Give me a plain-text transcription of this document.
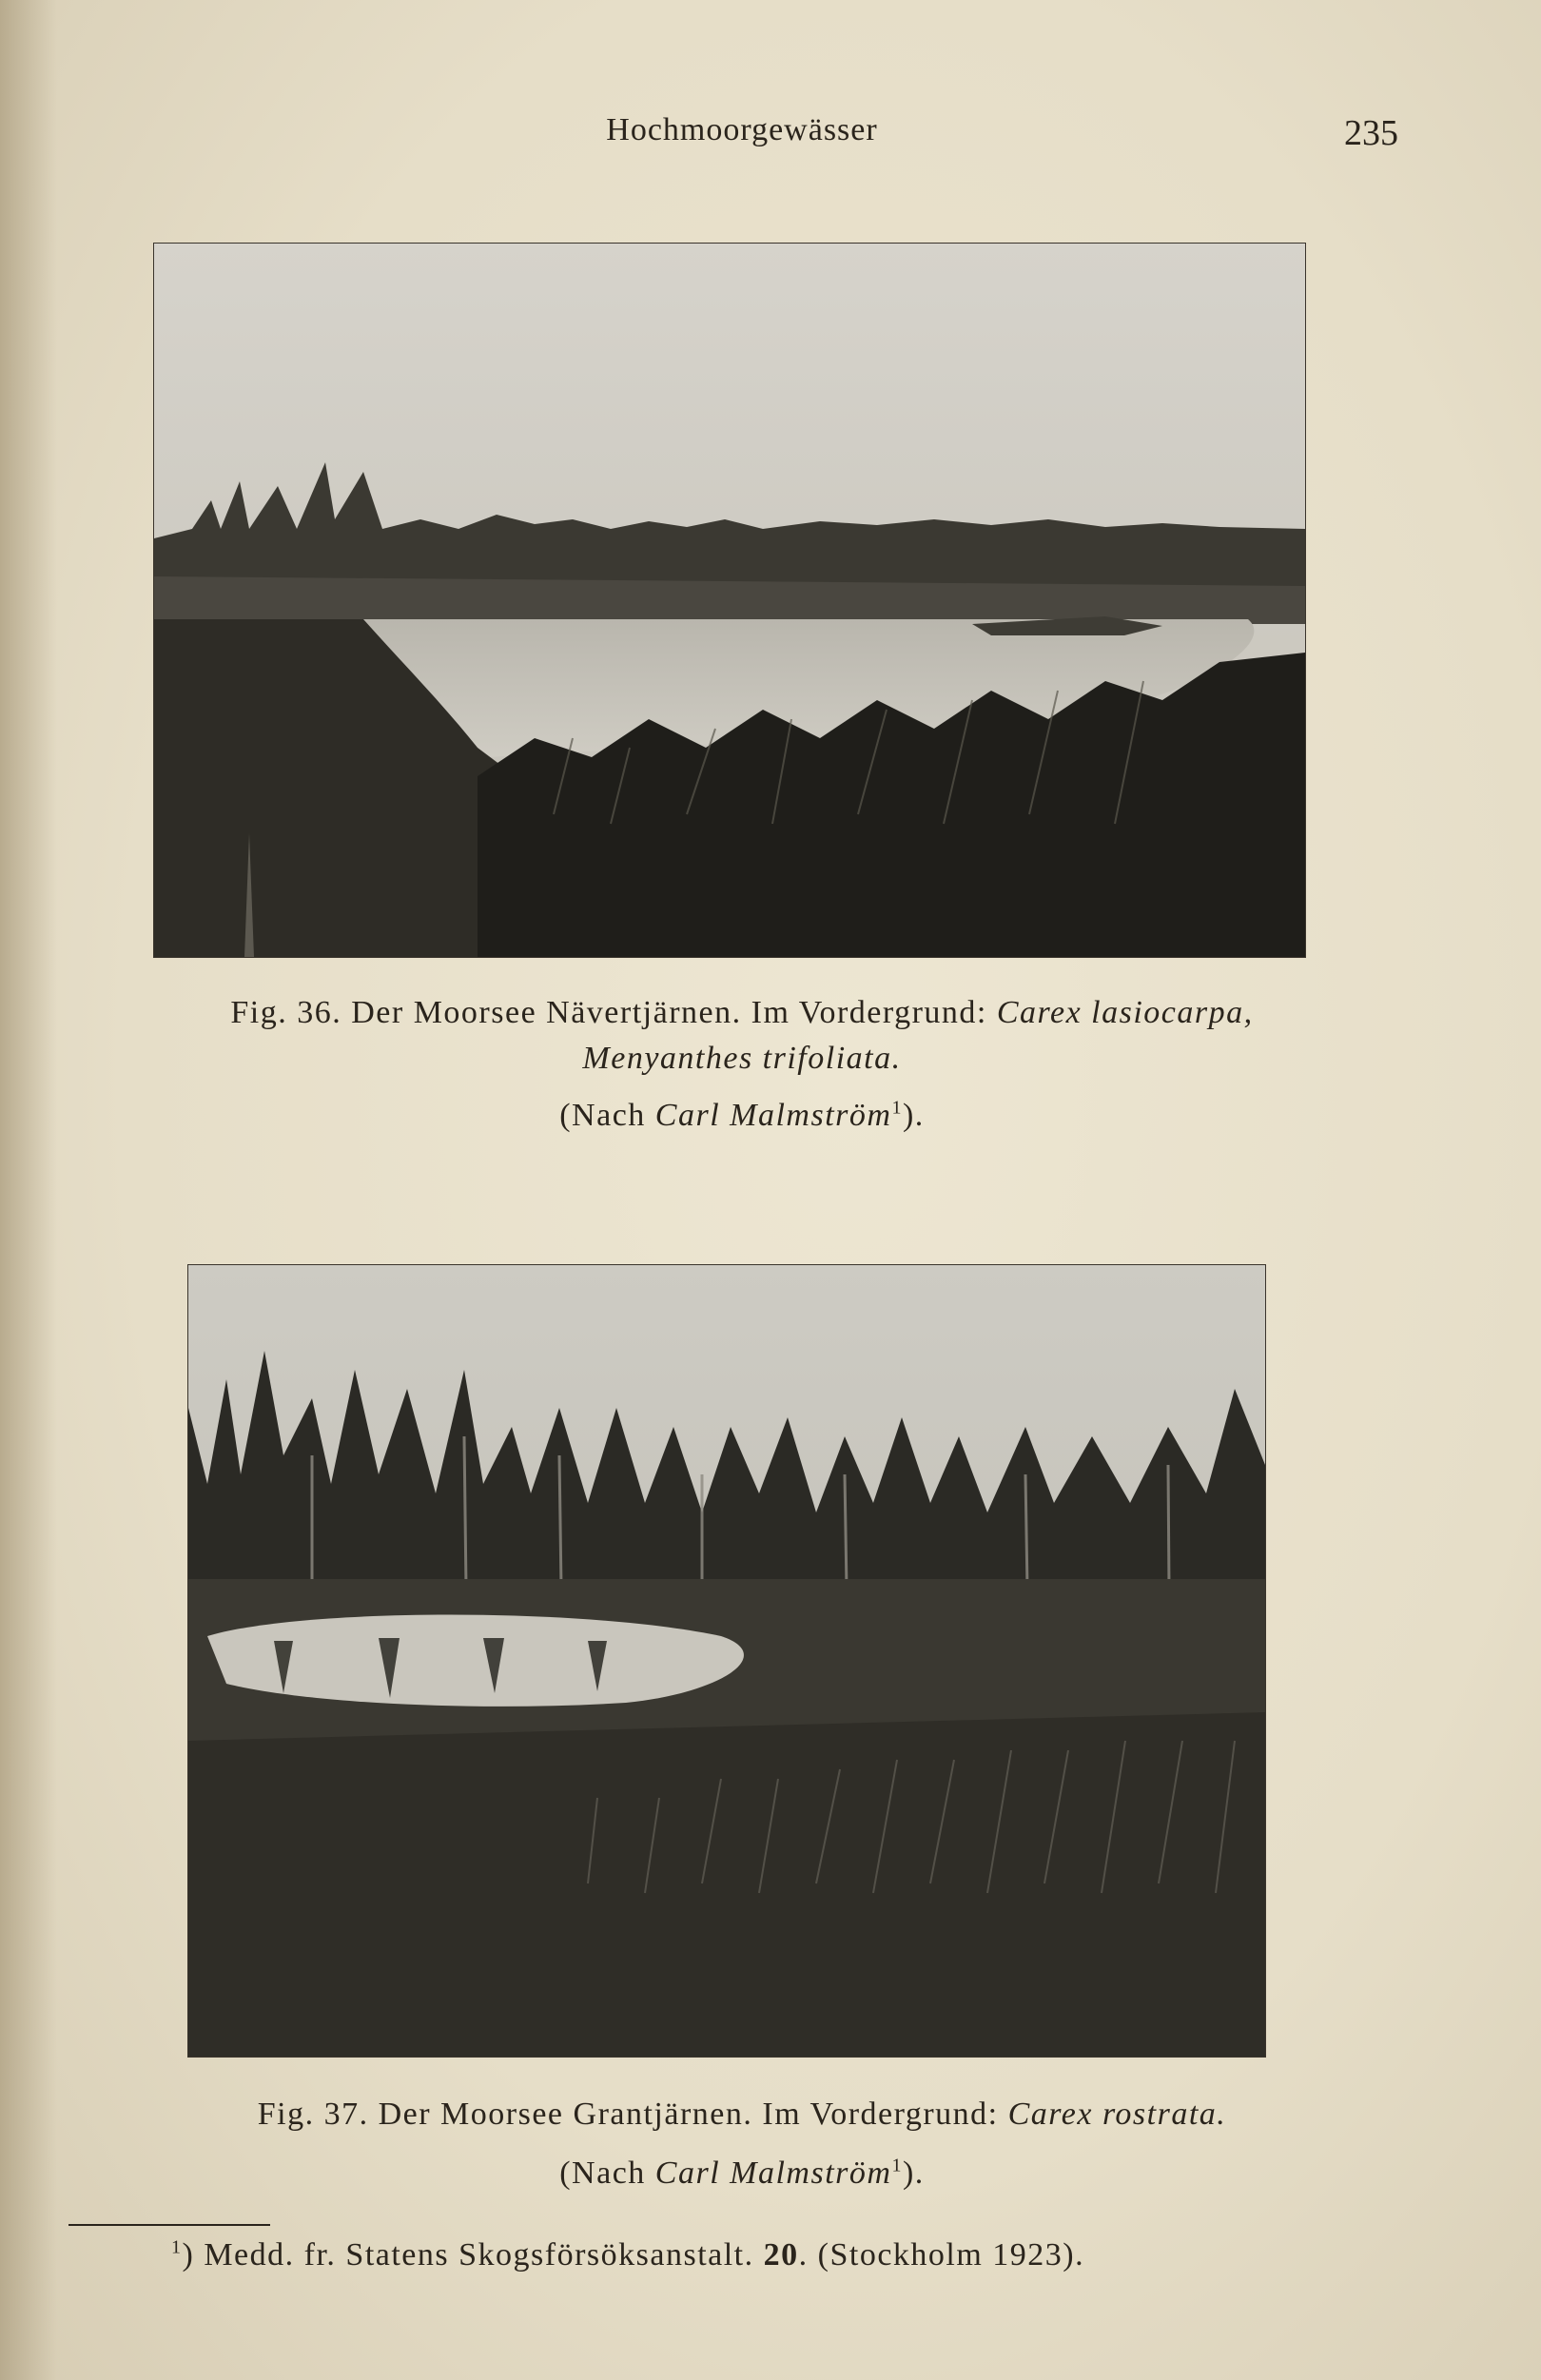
Hochmoorgewässer	235
Fig. 36. Der Moorsee Nävertjärnen. Im Vordergrund: Carex lasiocarpa,
Menyanthes trifoliata.
(Nach Carl Malmström$^1$).
Fig. 37. Der Moorsee Grantjärnen. Im Vordergrund: Carex rostrata.
(Nach Carl Malmström$^1$).
$^1$) Medd. fr. Statens Skogsförsöksanstalt. 20. (Stockholm 1923).
